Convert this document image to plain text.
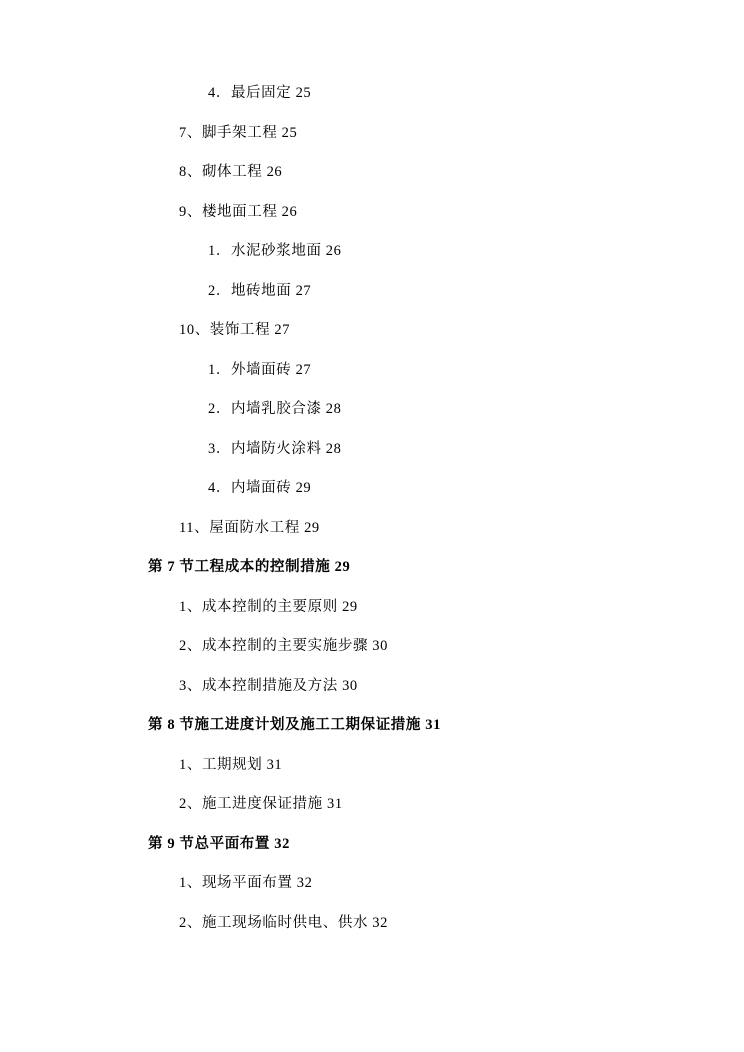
4．最后固定 25
7、脚手架工程 25
8、砌体工程 26
9、楼地面工程 26
1．水泥砂浆地面 26
2．地砖地面 27
10、装饰工程 27
1．外墙面砖 27
2．内墙乳胶合漆 28
3．内墙防火涂料 28
4．内墙面砖 29
11、屋面防水工程 29
第 7 节工程成本的控制措施 29
1、成本控制的主要原则 29
2、成本控制的主要实施步骤 30
3、成本控制措施及方法 30
第 8 节施工进度计划及施工工期保证措施 31
1、工期规划 31
2、施工进度保证措施 31
第 9 节总平面布置 32
1、现场平面布置 32
2、施工现场临时供电、供水 32
